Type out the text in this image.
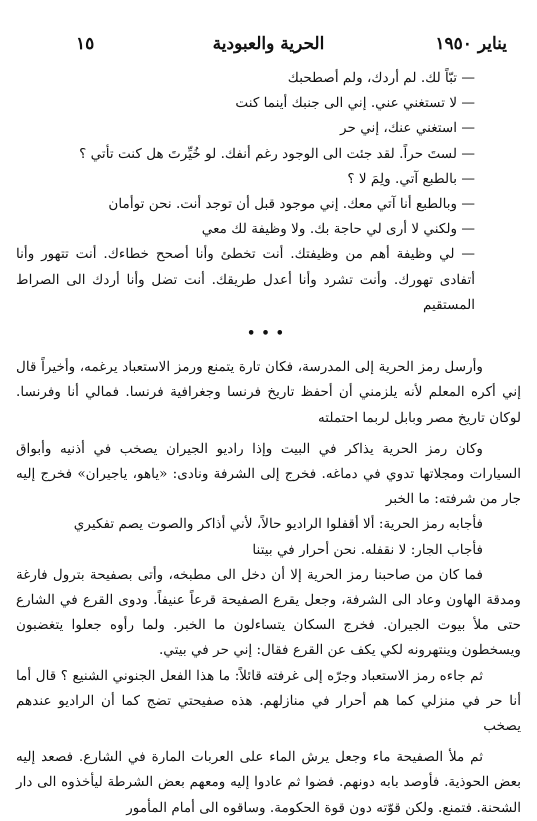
يناير ١٩٥٠
الحرية والعبودية
١٥

— تبّاً لك. لم أردك، ولم أصطحبك

— لا تستغني عني. إني الى جنبك أينما كنت

— استغني عنك، إني حر

— لستَ حراً. لقد جئت الى الوجود رغم أنفك. لو خُيِّرتَ هل كنت تأتي ؟

— بالطبع آتي. ولِمَ لا ؟

— وبالطبع أنا آتي معك. إني موجود قبل أن توجد أنت. نحن توأمان

— ولكني لا أرى لي حاجة بك. ولا وظيفة لك معي

— لي وظيفة أهم من وظيفتك. أنت تخطئ وأنا أصحح خطاءك. أنت تتهور وأنا أتفادى تهورك. وأنت تشرد وأنا أعدل طريقك. أنت تضل وأنا أردك الى الصراط المستقيم

•••

وأرسل رمز الحرية إلى المدرسة، فكان تارة يتمنع ورمز الاستعباد يرغمه، وأخيراً قال إني أكره المعلم لأنه يلزمني أن أحفظ تاريخ فرنسا وجغرافية فرنسا. فمالي أنا وفرنسا. لوكان تاريخ مصر وبابل لربما احتملته

وكان رمز الحرية يذاكر في البيت وإذا راديو الجيران يصخب في أذنيه وأبواق السيارات ومجلاتها تدوي في دماغه. فخرج إلى الشرفة ونادى: «ياهو، ياجيران» فخرج إليه جار من شرفته: ما الخبر

فأجابه رمز الحرية: ألا أقفلوا الراديو حالاً، لأني أذاكر والصوت يصم تفكيري

فأجاب الجار: لا نقفله. نحن أحرار في بيتنا

فما كان من صاحبنا رمز الحرية إلا أن دخل الى مطبخه، وأتى بصفيحة بترول فارغة ومدقة الهاون وعاد الى الشرفة، وجعل يقرع الصفيحة قرعاً عنيفاً. ودوى القرع في الشارع حتى ملأ بيوت الجيران. فخرج السكان يتساءلون ما الخبر. ولما رأوه جعلوا يتغضبون ويسخطون وينتهرونه لكي يكف عن القرع فقال: إني حر في بيتي.

ثم جاءه رمز الاستعباد وجرّه إلى غرفته قائلاً: ما هذا الفعل الجنوني الشنيع ؟ قال أما أنا حر في منزلي كما هم أحرار في منازلهم. هذه صفيحتي تضج كما أن الراديو عندهم يصخب

ثم ملأ الصفيحة ماء وجعل يرش الماء على العربات المارة في الشارع. فصعد إليه بعض الحوذية. فأوصد بابه دونهم. فضوا ثم عادوا إليه ومعهم بعض الشرطة ليأخذوه الى دار الشحنة. فتمنع. ولكن قوّته دون قوة الحكومة. وساقوه الى أمام المأمور
